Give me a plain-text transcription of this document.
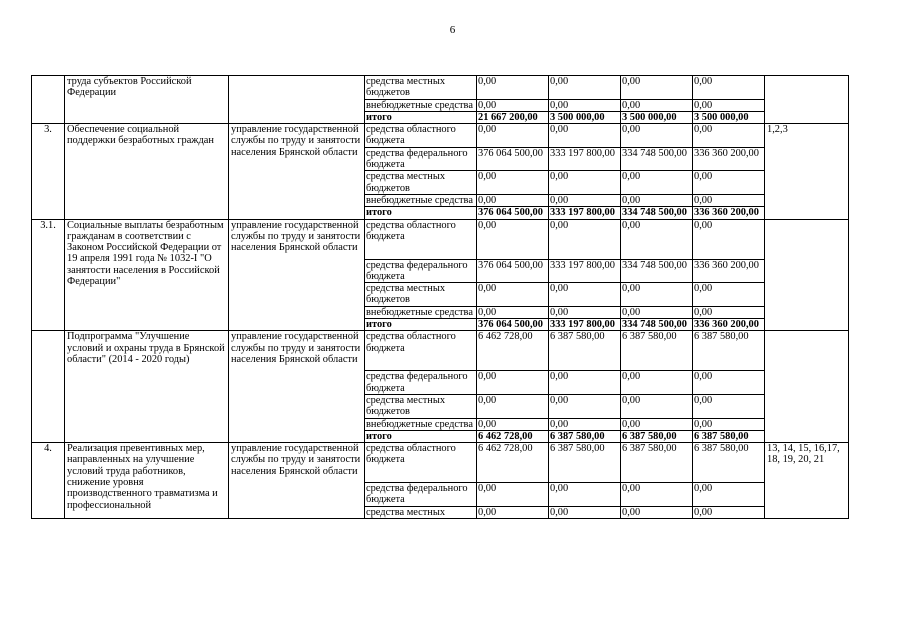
6
	труда субъектов Российской Федерации		средства местных бюджетов	0,00	0,00	0,00	0,00	
			внебюджетные средства	0,00	0,00	0,00	0,00	
			итого	21 667 200,00	3 500 000,00	3 500 000,00	3 500 000,00	
3.	Обеспечение социальной поддержки безработных граждан	управление государственной службы по труду и занятости населения Брянской области	средства областного бюджета	0,00	0,00	0,00	0,00	1,2,3
			средства федерального бюджета	376 064 500,00	333 197 800,00	334 748 500,00	336 360 200,00	
			средства местных бюджетов	0,00	0,00	0,00	0,00	
			внебюджетные средства	0,00	0,00	0,00	0,00	
			итого	376 064 500,00	333 197 800,00	334 748 500,00	336 360 200,00	
3.1.	Социальные выплаты безработным гражданам в соответствии с Законом Российской Федерации от 19 апреля 1991 года № 1032-I "О занятости населения в Российской Федерации"	управление государственной службы по труду и занятости населения Брянской области	средства областного бюджета	0,00	0,00	0,00	0,00	
			средства федерального бюджета	376 064 500,00	333 197 800,00	334 748 500,00	336 360 200,00	
			средства местных бюджетов	0,00	0,00	0,00	0,00	
			внебюджетные средства	0,00	0,00	0,00	0,00	
			итого	376 064 500,00	333 197 800,00	334 748 500,00	336 360 200,00	
	Подпрограмма "Улучшение условий и охраны труда в Брянской области" (2014 - 2020 годы)	управление государственной службы по труду и занятости населения Брянской области	средства областного бюджета	6 462 728,00	6 387 580,00	6 387 580,00	6 387 580,00	
			средства федерального бюджета	0,00	0,00	0,00	0,00	
			средства местных бюджетов	0,00	0,00	0,00	0,00	
			внебюджетные средства	0,00	0,00	0,00	0,00	
			итого	6 462 728,00	6 387 580,00	6 387 580,00	6 387 580,00	
4.	Реализация превентивных мер, направленных на улучшение условий труда работников, снижение уровня производственного травматизма и профессиональной	управление государственной службы по труду и занятости населения Брянской области	средства областного бюджета	6 462 728,00	6 387 580,00	6 387 580,00	6 387 580,00	13, 14, 15, 16,17, 18, 19, 20, 21
			средства федерального бюджета	0,00	0,00	0,00	0,00	
			средства местных	0,00	0,00	0,00	0,00	
